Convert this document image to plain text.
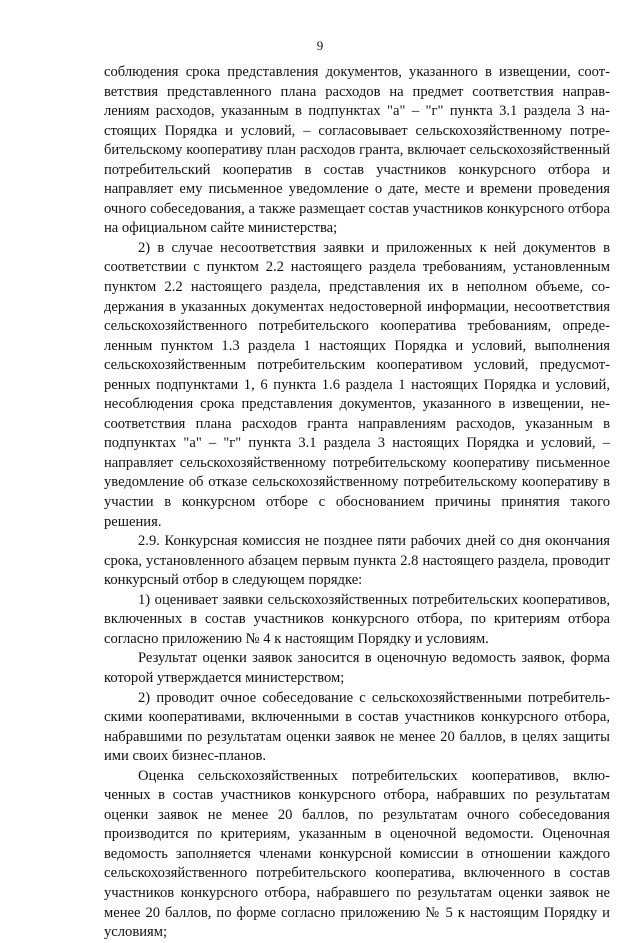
9

соблюдения срока представления документов, указанного в извещении, соответствия представленного плана расходов на предмет соответствия направлениям расходов, указанным в подпунктах "а" – "г" пункта 3.1 раздела 3 настоящих Порядка и условий, – согласовывает сельскохозяйственному потребительскому кооперативу план расходов гранта, включает сельскохозяйственный потребительский кооператив в состав участников конкурсного отбора и направляет ему письменное уведомление о дате, месте и времени проведения очного собеседования, а также размещает состав участников конкурсного отбора на официальном сайте министерства;

2) в случае несоответствия заявки и приложенных к ней документов в соответствии с пунктом 2.2 настоящего раздела требованиям, установленным пунктом 2.2 настоящего раздела, представления их в неполном объеме, содержания в указанных документах недостоверной информации, несоответствия сельскохозяйственного потребительского кооператива требованиям, определенным пунктом 1.3 раздела 1 настоящих Порядка и условий, выполнения сельскохозяйственным потребительским кооперативом условий, предусмотренных подпунктами 1, 6 пункта 1.6 раздела 1 настоящих Порядка и условий, несоблюдения срока представления документов, указанного в извещении, несоответствия плана расходов гранта направлениям расходов, указанным в подпунктах "а" – "г" пункта 3.1 раздела 3 настоящих Порядка и условий, – направляет сельскохозяйственному потребительскому кооперативу письменное уведомление об отказе сельскохозяйственному потребительскому кооперативу в участии в конкурсном отборе с обоснованием причины принятия такого решения.

2.9. Конкурсная комиссия не позднее пяти рабочих дней со дня окончания срока, установленного абзацем первым пункта 2.8 настоящего раздела, проводит конкурсный отбор в следующем порядке:

1) оценивает заявки сельскохозяйственных потребительских кооперативов, включенных в состав участников конкурсного отбора, по критериям отбора согласно приложению № 4 к настоящим Порядку и условиям.

Результат оценки заявок заносится в оценочную ведомость заявок, форма которой утверждается министерством;

2) проводит очное собеседование с сельскохозяйственными потребительскими кооперативами, включенными в состав участников конкурсного отбора, набравшими по результатам оценки заявок не менее 20 баллов, в целях защиты ими своих бизнес-планов.

Оценка сельскохозяйственных потребительских кооперативов, включенных в состав участников конкурсного отбора, набравших по результатам оценки заявок не менее 20 баллов, по результатам очного собеседования производится по критериям, указанным в оценочной ведомости. Оценочная ведомость заполняется членами конкурсной комиссии в отношении каждого сельскохозяйственного потребительского кооператива, включенного в состав участников конкурсного отбора, набравшего по результатам оценки заявок не менее 20 баллов, по форме согласно приложению № 5 к настоящим Порядку и условиям;
